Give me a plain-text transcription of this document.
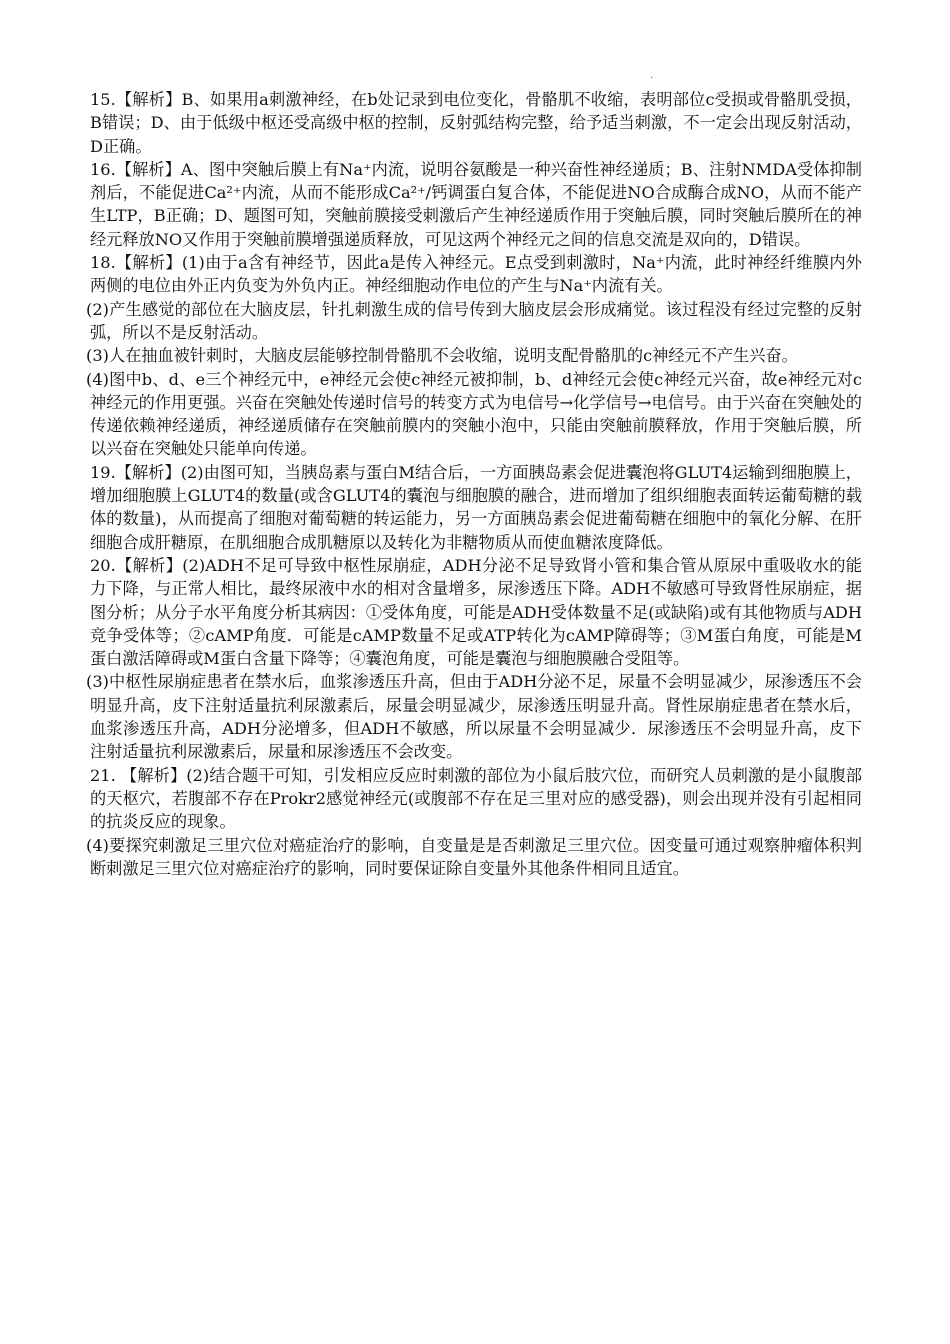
.

15.【解析】B、如果用a刺激神经，在b处记录到电位变化，骨骼肌不收缩，表明部位c受损或骨骼肌受损，B错误；D、由于低级中枢还受高级中枢的控制，反射弧结构完整，给予适当刺激，不一定会出现反射活动， D正确。

16.【解析】A、图中突触后膜上有Na⁺内流，说明谷氨酸是一种兴奋性神经递质；B、注射NMDA受体抑制剂后，不能促进Ca²⁺内流，从而不能形成Ca²⁺/钙调蛋白复合体，不能促进NO合成酶合成NO，从而不能产生LTP，B正确；D、题图可知，突触前膜接受刺激后产生神经递质作用于突触后膜，同时突触后膜所在的神经元释放NO又作用于突触前膜增强递质释放，可见这两个神经元之间的信息交流是双向的，D错误。

18.【解析】(1)由于a含有神经节，因此a是传入神经元。E点受到刺激时，Na⁺内流，此时神经纤维膜内外两侧的电位由外正内负变为外负内正。神经细胞动作电位的产生与Na⁺内流有关。

(2)产生感觉的部位在大脑皮层，针扎刺激生成的信号传到大脑皮层会形成痛觉。该过程没有经过完整的反射弧，所以不是反射活动。

(3)人在抽血被针刺时，大脑皮层能够控制骨骼肌不会收缩，说明支配骨骼肌的c神经元不产生兴奋。

(4)图中b、d、e三个神经元中，e神经元会使c神经元被抑制，b、d神经元会使c神经元兴奋，故e神经元对c神经元的作用更强。兴奋在突触处传递时信号的转变方式为电信号→化学信号→电信号。由于兴奋在突触处的传递依赖神经递质，神经递质储存在突触前膜内的突触小泡中，只能由突触前膜释放，作用于突触后膜，所以兴奋在突触处只能单向传递。

19.【解析】(2)由图可知，当胰岛素与蛋白M结合后，一方面胰岛素会促进囊泡将GLUT4运输到细胞膜上，增加细胞膜上GLUT4的数量(或含GLUT4的囊泡与细胞膜的融合，进而增加了组织细胞表面转运葡萄糖的载体的数量)，从而提高了细胞对葡萄糖的转运能力，另一方面胰岛素会促进葡萄糖在细胞中的氧化分解、在肝细胞合成肝糖原，在肌细胞合成肌糖原以及转化为非糖物质从而使血糖浓度降低。

20.【解析】(2)ADH不足可导致中枢性尿崩症，ADH分泌不足导致肾小管和集合管从原尿中重吸收水的能力下降，与正常人相比，最终尿液中水的相对含量增多，尿渗透压下降。ADH不敏感可导致肾性尿崩症，据图分析；从分子水平角度分析其病因：①受体角度，可能是ADH受体数量不足(或缺陷)或有其他物质与ADH竞争受体等；②cAMP角度．可能是cAMP数量不足或ATP转化为cAMP障碍等；③M蛋白角度，可能是M蛋白激活障碍或M蛋白含量下降等；④囊泡角度，可能是囊泡与细胞膜融合受阻等。

(3)中枢性尿崩症患者在禁水后，血浆渗透压升高，但由于ADH分泌不足，尿量不会明显减少，尿渗透压不会明显升高，皮下注射适量抗利尿激素后，尿量会明显减少，尿渗透压明显升高。肾性尿崩症患者在禁水后，血浆渗透压升高，ADH分泌增多，但ADH不敏感，所以尿量不会明显减少．尿渗透压不会明显升高，皮下注射适量抗利尿激素后，尿量和尿渗透压不会改变。

21. 【解析】(2)结合题干可知，引发相应反应时刺激的部位为小鼠后肢穴位，而研究人员刺激的是小鼠腹部的天枢穴，若腹部不存在Prokr2感觉神经元(或腹部不存在足三里对应的感受器)，则会出现并没有引起相同的抗炎反应的现象。

(4)要探究刺激足三里穴位对癌症治疗的影响，自变量是是否刺激足三里穴位。因变量可通过观察肿瘤体积判断刺激足三里穴位对癌症治疗的影响，同时要保证除自变量外其他条件相同且适宜。
